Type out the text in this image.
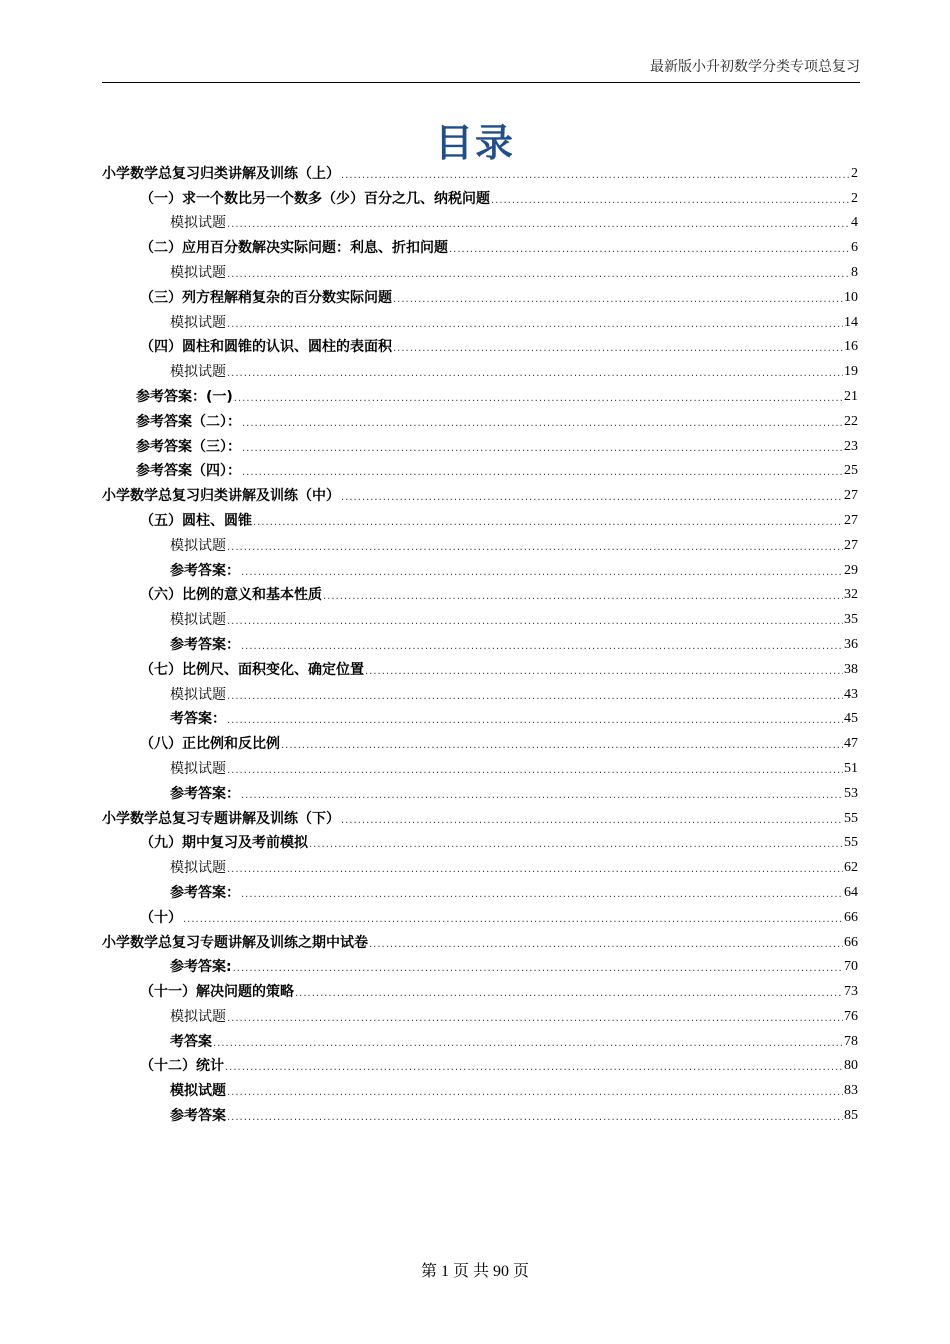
最新版小升初数学分类专项总复习
目录
小学数学总复习归类讲解及训练（上） .....	2
（一）求一个数比另一个数多（少）百分之几、纳税问题 .....	2
模拟试题 .....	4
（二）应用百分数解决实际问题：利息、折扣问题 .....	6
模拟试题 .....	8
（三）列方程解稍复杂的百分数实际问题 .....	10
模拟试题 .....	14
（四）圆柱和圆锥的认识、圆柱的表面积 .....	16
模拟试题 .....	19
参考答案：(一) .....	21
参考答案（二）： .....	22
参考答案（三）： .....	23
参考答案（四）： .....	25
小学数学总复习归类讲解及训练（中） .....	27
（五）圆柱、圆锥 .....	27
模拟试题 .....	27
参考答案： .....	29
（六）比例的意义和基本性质 .....	32
模拟试题 .....	35
参考答案： .....	36
（七）比例尺、面积变化、确定位置 .....	38
模拟试题 .....	43
考答案： .....	45
（八）正比例和反比例 .....	47
模拟试题 .....	51
参考答案： .....	53
小学数学总复习专题讲解及训练（下） .....	55
（九）期中复习及考前模拟 .....	55
模拟试题 .....	62
参考答案： .....	64
（十） .....	66
小学数学总复习专题讲解及训练之期中试卷 .....	66
参考答案: .....	70
（十一）解决问题的策略 .....	73
模拟试题 .....	76
考答案 .....	78
（十二）统计 .....	80
模拟试题 .....	83
参考答案 .....	85
第 1 页 共 90 页
